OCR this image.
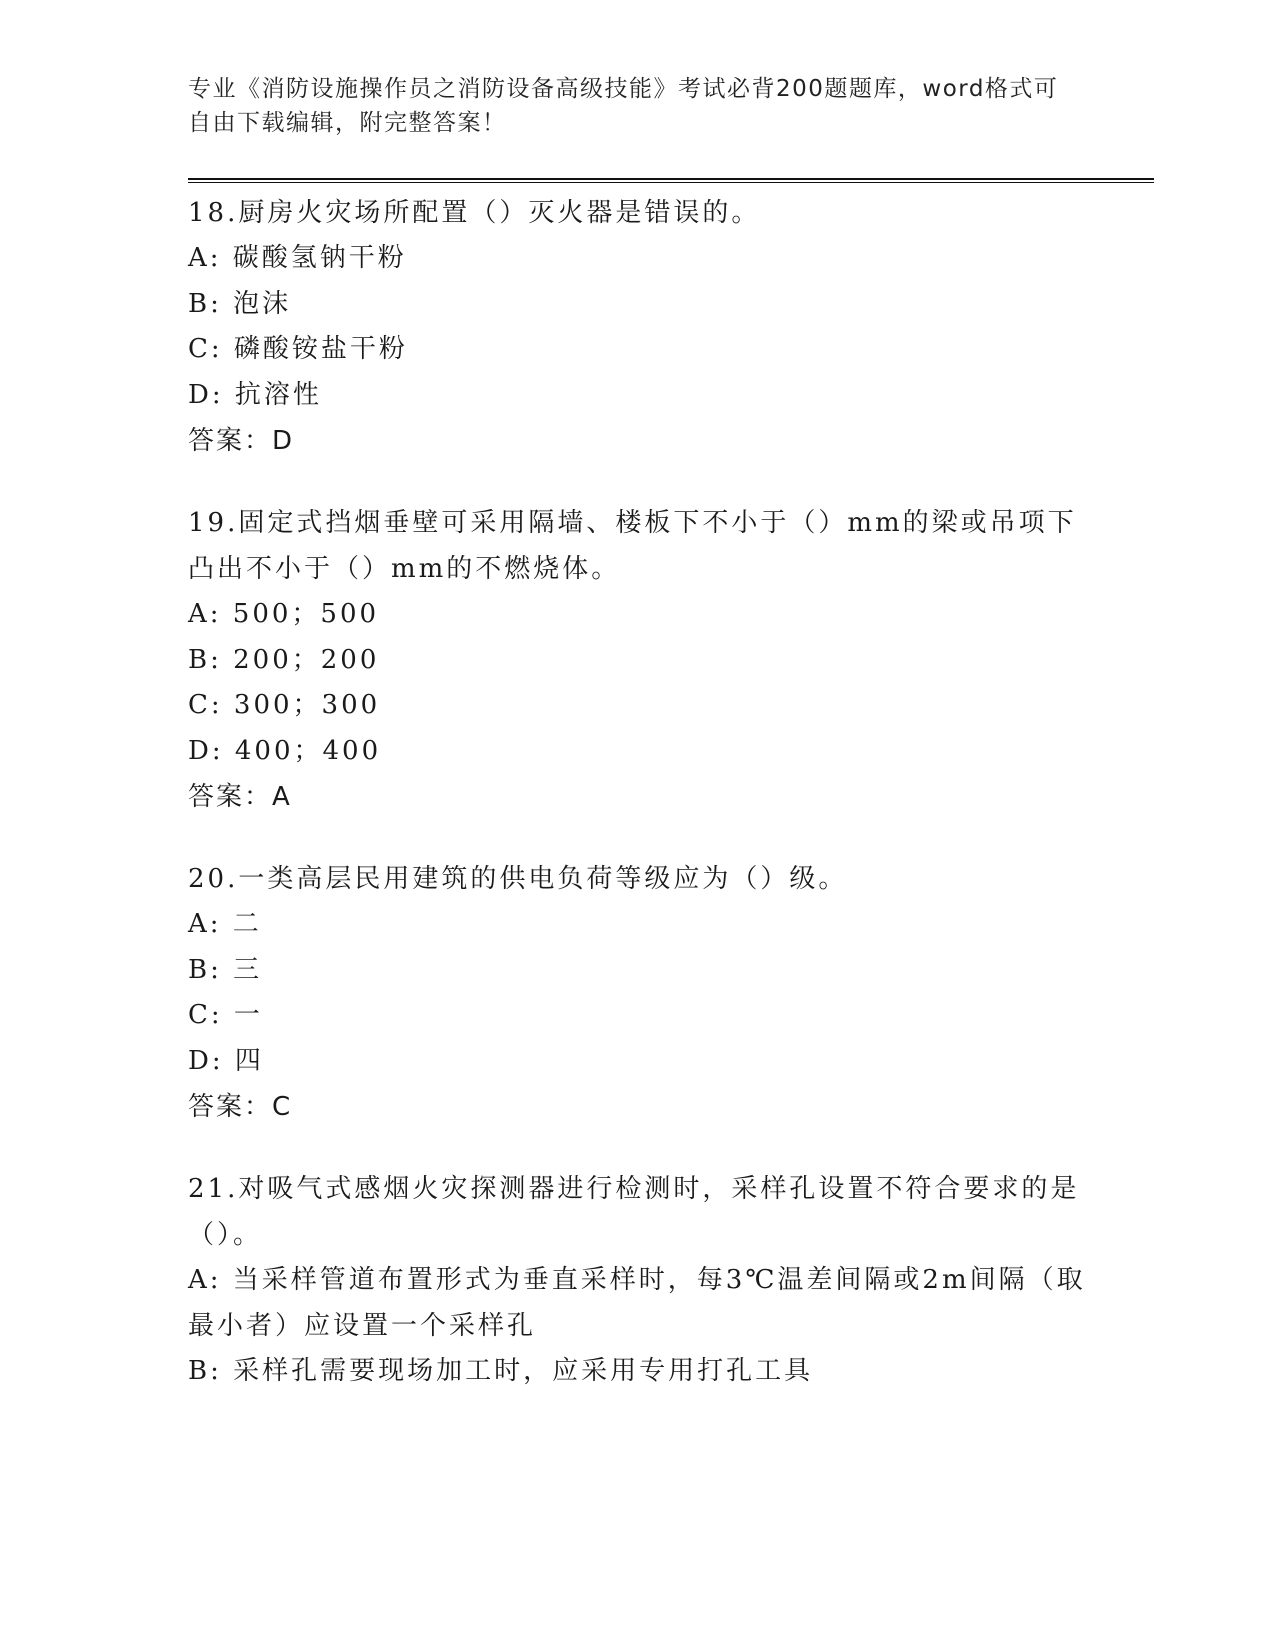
专业《消防设施操作员之消防设备高级技能》考试必背200题题库，word格式可自由下载编辑，附完整答案！

18.厨房火灾场所配置（）灭火器是错误的。

A: 碳酸氢钠干粉

B: 泡沫

C: 磷酸铵盐干粉

D: 抗溶性

答案：D

19.固定式挡烟垂壁可采用隔墙、楼板下不小于（）mm的梁或吊项下凸出不小于（）mm的不燃烧体。

A: 500；500

B: 200；200

C: 300；300

D: 400；400

答案：A

20.一类高层民用建筑的供电负荷等级应为（）级。

A: 二

B: 三

C: 一

D: 四

答案：C

21.对吸气式感烟火灾探测器进行检测时，采样孔设置不符合要求的是（）。

A: 当采样管道布置形式为垂直采样时，每3℃温差间隔或2m间隔（取最小者）应设置一个采样孔

B: 采样孔需要现场加工时，应采用专用打孔工具
